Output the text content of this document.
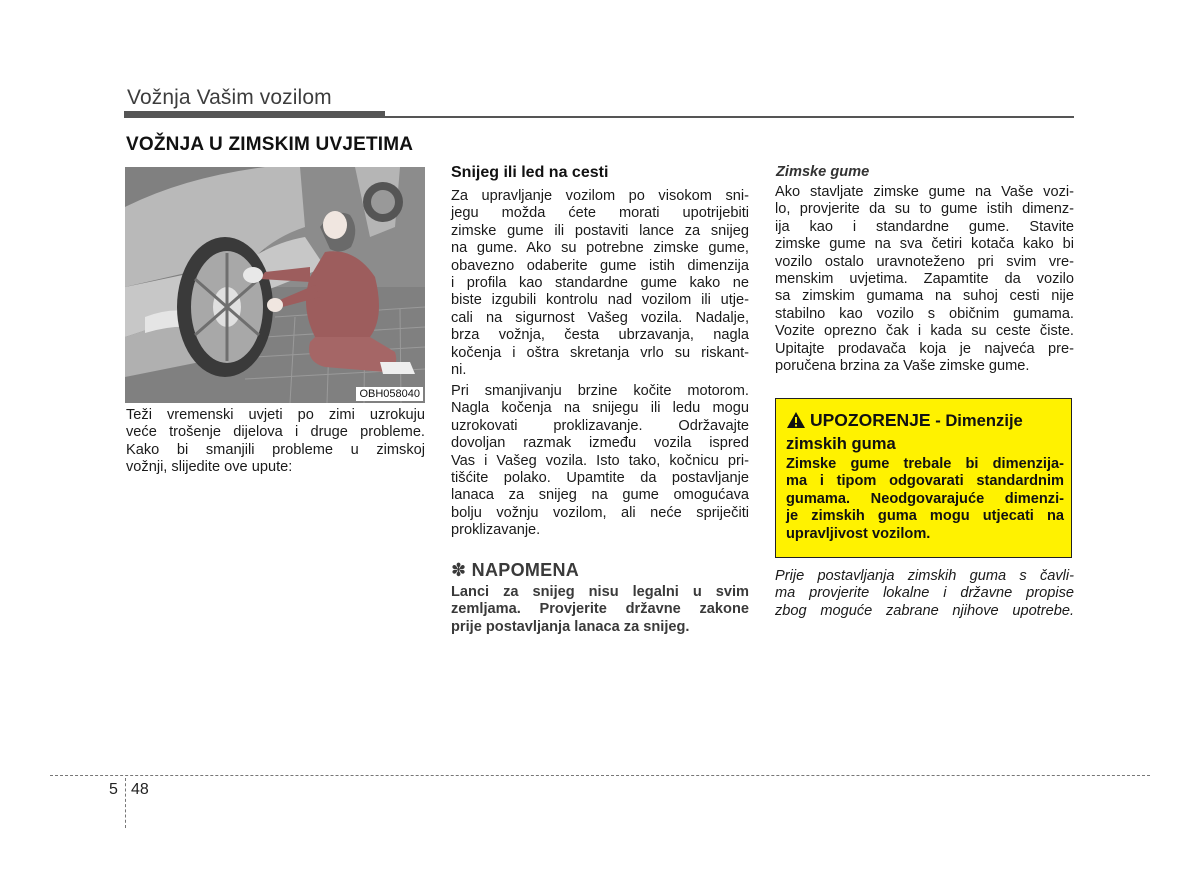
Vožnja Vašim vozilom
VOŽNJA U ZIMSKIM UVJETIMA
OBH058040
Teži vremenski uvjeti po zimi uzrokuju
veće trošenje dijelova i druge probleme.
Kako bi smanjili probleme u zimskoj
vožnji, slijedite ove upute:
Snijeg ili led na cesti
Za upravljanje vozilom po visokom sni-
jegu možda ćete morati upotrijebiti
zimske gume ili postaviti lance za snijeg
na gume. Ako su potrebne zimske gume,
obavezno odaberite gume istih dimenzija
i profila kao standardne gume kako ne
biste izgubili kontrolu nad vozilom ili utje-
cali na sigurnost Vašeg vozila. Nadalje,
brza vožnja, česta ubrzavanja, nagla
kočenja i oštra skretanja vrlo su riskant-
ni.
Pri smanjivanju brzine kočite motorom.
Nagla kočenja na snijegu ili ledu mogu
uzrokovati proklizavanje. Održavajte
dovoljan razmak između vozila ispred
Vas i Vašeg vozila. Isto tako, kočnicu pri-
tišćite polako. Upamtite da postavljanje
lanaca za snijeg na gume omogućava
bolju vožnju vozilom, ali neće spriječiti
proklizavanje.
✽ NAPOMENA
Lanci za snijeg nisu legalni u svim
zemljama. Provjerite državne zakone
prije postavljanja lanaca za snijeg.
Zimske gume
Ako stavljate zimske gume na Vaše vozi-
lo, provjerite da su to gume istih dimenz-
ija kao i standardne gume. Stavite
zimske gume na sva četiri kotača kako bi
vozilo ostalo uravnoteženo pri svim vre-
menskim uvjetima. Zapamtite da vozilo
sa zimskim gumama na suhoj cesti nije
stabilno kao vozilo s običnim gumama.
Vozite oprezno čak i kada su ceste čiste.
Upitajte prodavača koja je najveća pre-
poručena brzina za Vaše zimske gume.
UPOZORENJE - Dimenzije
zimskih guma
Zimske gume trebale bi dimenzija-
ma i tipom odgovarati standardnim
gumama. Neodgovarajuće dimenzi-
je zimskih guma mogu utjecati na
upravljivost vozilom.
Prije postavljanja zimskih guma s čavli-
ma provjerite lokalne i državne propise
zbog moguće zabrane njihove upotrebe.
5 48
